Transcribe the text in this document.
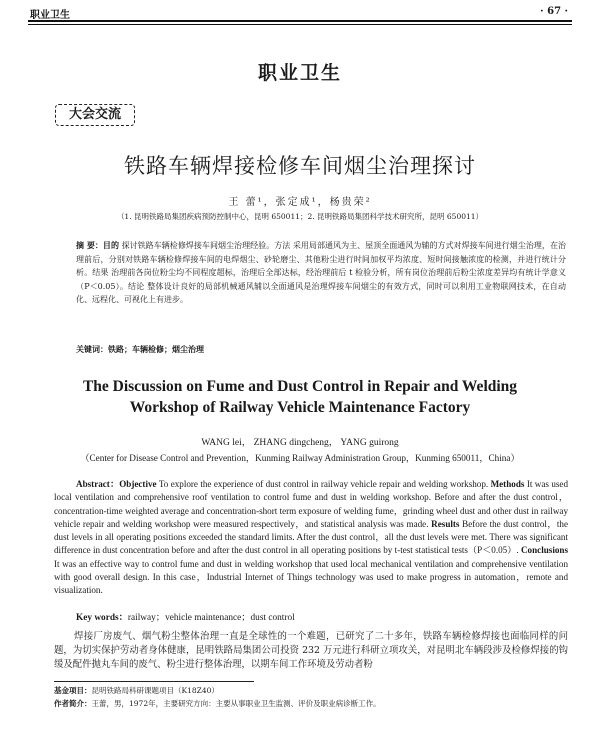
职业卫生	· 67 ·
职业卫生
大会交流
铁路车辆焊接检修车间烟尘治理探讨
王 蕾¹，张定成¹，杨贵荣²
（1. 昆明铁路局集团疾病预防控制中心，昆明 650011；2. 昆明铁路局集团科学技术研究所，昆明 650011）
摘 要：目的 探讨铁路车辆检修焊接车间烟尘治理经验。方法 采用局部通风为主、屋顶全面通风为辅的方式对焊接车间进行烟尘治理，在治理前后，分别对铁路车辆检修焊接车间的电焊烟尘、砂轮磨尘、其他粉尘进行时间加权平均浓度、短时间接触浓度的检测，并进行统计分析。结果 治理前各岗位粉尘均不同程度超标，治理后全部达标，经治理前后 t 检验分析，所有岗位治理前后粉尘浓度差异均有统计学意义（P＜0.05）。结论 整体设计良好的局部机械通风辅以全面通风是治理焊接车间烟尘的有效方式，同时可以利用工业物联网技术，在自动化、远程化、可视化上有进步。
关键词：铁路；车辆检修；烟尘治理
The Discussion on Fume and Dust Control in Repair and Welding
Workshop of Railway Vehicle Maintenance Factory
WANG lei， ZHANG dingcheng， YANG guirong
（Center for Disease Control and Prevention，Kunming Railway Administration Group，Kunming 650011，China）
Abstract：Objective To explore the experience of dust control in railway vehicle repair and welding workshop. Methods It was used local ventilation and comprehensive roof ventilation to control fume and dust in welding workshop. Before and after the dust control，concentration-time weighted average and concentration-short term exposure of welding fume，grinding wheel dust and other dust in railway vehicle repair and welding workshop were measured respectively，and statistical analysis was made. Results Before the dust control，the dust levels in all operating positions exceeded the standard limits. After the dust control，all the dust levels were met. There was significant difference in dust concentration before and after the dust control in all operating positions by t-test statistical tests（P＜0.05）. Conclusions It was an effective way to control fume and dust in welding workshop that used local mechanical ventilation and comprehensive ventilation with good overall design. In this case，Industrial Internet of Things technology was used to make progress in automation，remote and visualization.
Key words：railway；vehicle maintenance；dust control
焊接厂房废气、烟气粉尘整体治理一直是全球性的一个难题，已研究了二十多年，铁路车辆检修焊接也面临同样的问题，为切实保护劳动者身体健康，昆明铁路局集团公司投资 232 万元进行科研立项攻关，对昆明北车辆段涉及检修焊接的钩缓及配件抛丸车间的废气、粉尘进行整体治理，以期车间工作环境及劳动者粉
基金项目：昆明铁路局科研课题项目（K18Z40）
作者简介：王蕾，男，1972年，主要研究方向：主要从事职业卫生监测、评价及职业病诊断工作。
